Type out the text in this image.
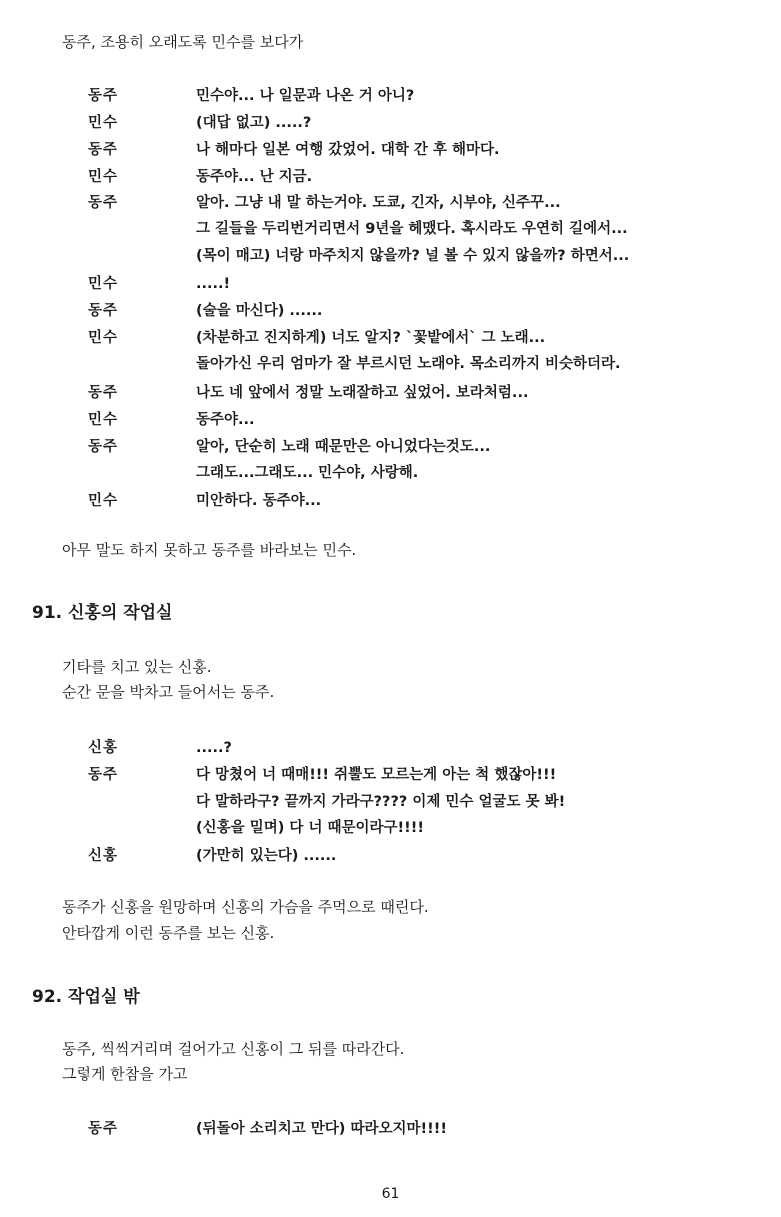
동주, 조용히 오래도록 민수를 보다가

동주	민수야... 나 일문과 나온 거 아니?
민수	(대답 없고) .....?
동주	나 해마다 일본 여행 갔었어. 대학 간 후 해마다.
민수	동주야... 난 지금.
동주	알아. 그냥 내 말 하는거야. 도쿄, 긴자, 시부야, 신주꾸...
그 길들을 두리번거리면서 9년을 헤맸다. 혹시라도 우연히 길에서...
(목이 매고) 너랑 마주치지 않을까? 널 볼 수 있지 않을까? 하면서...
민수	.....!
동주	(술을 마신다) ......
민수	(차분하고 진지하게) 너도 알지? `꽃밭에서` 그 노래...
돌아가신 우리 엄마가 잘 부르시던 노래야. 목소리까지 비슷하더라.
동주	나도 네 앞에서 정말 노래잘하고 싶었어. 보라처럼...
민수	동주야...
동주	알아, 단순히 노래 때문만은 아니었다는것도...
그래도...그래도... 민수야, 사랑해.
민수	미안하다. 동주야...

아무 말도 하지 못하고 동주를 바라보는 민수.

91. 신홍의 작업실

기타를 치고 있는 신홍.

순간 문을 박차고 들어서는 동주.

신홍	.....?
동주	다 망쳤어 너 때매!!! 쥐뿔도 모르는게 아는 척 했잖아!!!
다 말하라구? 끝까지 가라구???? 이제 민수 얼굴도 못 봐!
(신홍을 밀며) 다 너 때문이라구!!!!
신홍	(가만히 있는다) ......

동주가 신홍을 원망하며 신홍의 가슴을 주먹으로 때린다.

안타깝게 이런 동주를 보는 신홍.

92. 작업실 밖

동주, 씩씩거리며 걸어가고 신홍이 그 뒤를 따라간다.

그렇게 한참을 가고

동주	(뒤돌아 소리치고 만다) 따라오지마!!!!
61
